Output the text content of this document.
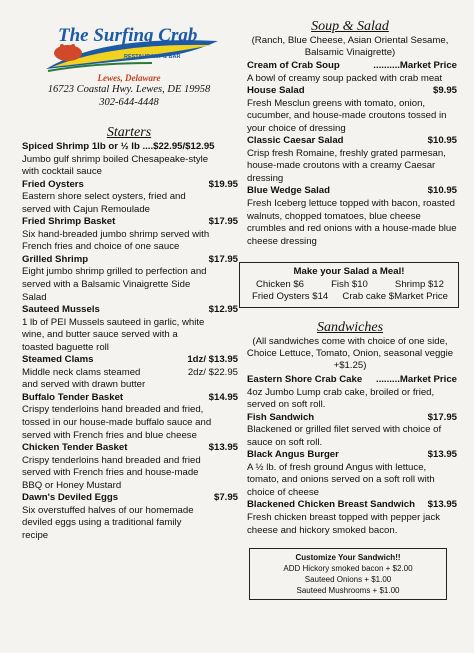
The Surfing Crab
RESTAURANT & BAR
Lewes, Delaware
16723 Coastal Hwy. Lewes, DE 19958
302-644-4448
Starters
Spiced Shrimp 1lb or ½ lb ....$22.95/$12.95
Jumbo gulf shrimp boiled Chesapeake-style
with cocktail sauce
Fried Oysters	$19.95
Eastern shore select oysters, fried and
served with Cajun Remoulade
Fried Shrimp Basket	$17.95
Six hand-breaded jumbo shrimp served with
French fries and choice of one sauce
Grilled Shrimp	$17.95
Eight jumbo shrimp grilled to perfection and
served with a Balsamic Vinaigrette Side
Salad
Sauteed Mussels	$12.95
1 lb of PEI Mussels sauteed in garlic, white
wine, and butter sauce served with a
toasted baguette roll
Steamed Clams	1dz/ $13.95
Middle neck clams steamed	2dz/ $22.95
and served with drawn butter
Buffalo Tender Basket	$14.95
Crispy tenderloins hand breaded and fried,
tossed in our house-made buffalo sauce and
served with French fries and blue cheese
Chicken Tender Basket	$13.95
Crispy tenderloins hand breaded and fried
served with French fries and house-made
BBQ or Honey Mustard
Dawn's Deviled Eggs	$7.95
Six overstuffed halves of our homemade
deviled eggs using a traditional family
recipe
Soup & Salad
(Ranch, Blue Cheese, Asian Oriental Sesame,
Balsamic Vinaigrette)
Cream of Crab Soup	..........Market Price
A bowl of creamy soup packed with crab meat
House Salad	$9.95
Fresh Mesclun greens with tomato, onion,
cucumber, and house-made croutons tossed in
your choice of dressing
Classic Caesar Salad	$10.95
Crisp fresh Romaine, freshly grated parmesan,
house-made croutons with a creamy Caesar
dressing
Blue Wedge Salad	$10.95
Fresh Iceberg lettuce topped with bacon, roasted
walnuts, chopped tomatoes, blue cheese
crumbles and red onions with a house-made blue
cheese dressing
Make your Salad a Meal!
Chicken $6	Fish $10	Shrimp $12
Fried Oysters $14 Crab cake $Market Price
Sandwiches
(All sandwiches come with choice of one side,
Choice Lettuce, Tomato, Onion, seasonal veggie
+$1.25)
Eastern Shore Crab Cake .........Market Price
4oz Jumbo Lump crab cake, broiled or fried,
served on soft roll.
Fish Sandwich	$17.95
Blackened or grilled filet served with choice of
sauce on soft roll.
Black Angus Burger	$13.95
A ½ lb. of fresh ground Angus with lettuce,
tomato, and onions served on a soft roll with
choice of cheese
Blackened Chicken Breast Sandwich $13.95
Fresh chicken breast topped with pepper jack
cheese and hickory smoked bacon.
Customize Your Sandwich!!
ADD Hickory smoked bacon + $2.00
Sauteed Onions + $1.00
Sauteed Mushrooms + $1.00
